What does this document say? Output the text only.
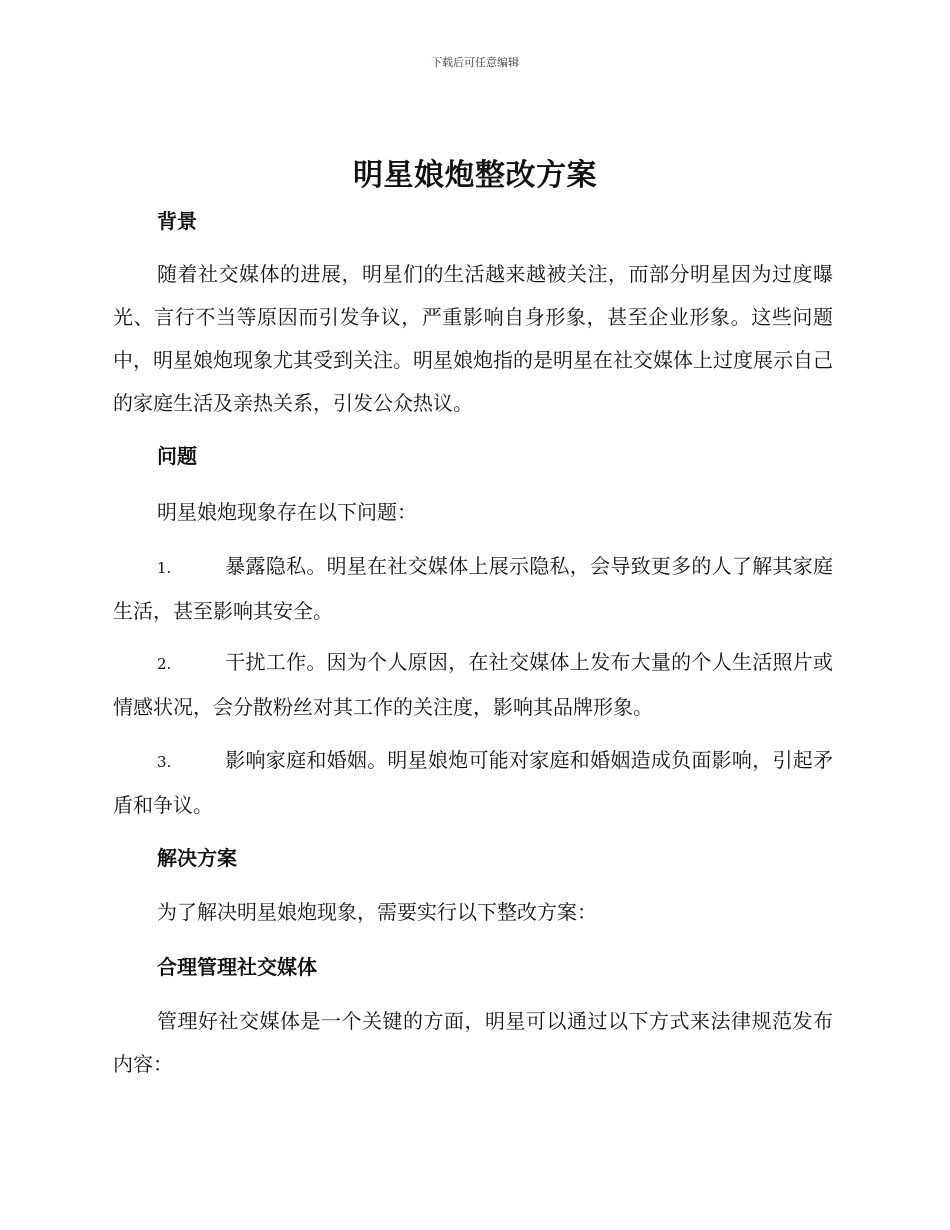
下载后可任意编辑
明星娘炮整改方案
背景

随着社交媒体的进展，明星们的生活越来越被关注，而部分明星因为过度曝光、言行不当等原因而引发争议，严重影响自身形象，甚至企业形象。这些问题中，明星娘炮现象尤其受到关注。明星娘炮指的是明星在社交媒体上过度展示自己的家庭生活及亲热关系，引发公众热议。

问题

明星娘炮现象存在以下问题：

1.	暴露隐私。明星在社交媒体上展示隐私，会导致更多的人了解其家庭生活，甚至影响其安全。
2.	干扰工作。因为个人原因，在社交媒体上发布大量的个人生活照片或情感状况，会分散粉丝对其工作的关注度，影响其品牌形象。
3.	影响家庭和婚姻。明星娘炮可能对家庭和婚姻造成负面影响，引起矛盾和争议。
解决方案

为了解决明星娘炮现象，需要实行以下整改方案：

合理管理社交媒体

管理好社交媒体是一个关键的方面，明星可以通过以下方式来法律规范发布内容：
